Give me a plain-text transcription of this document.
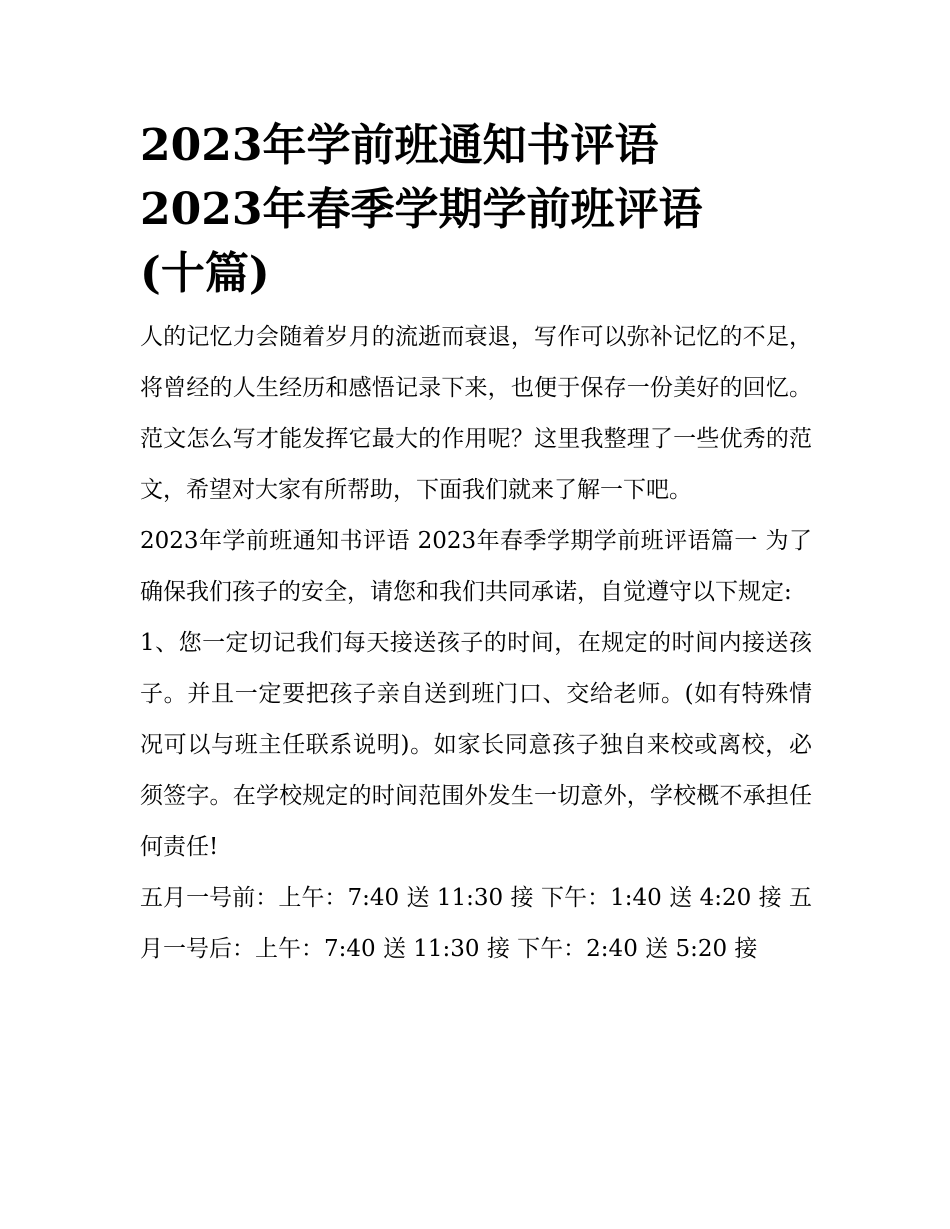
2023年学前班通知书评语
2023年春季学期学前班评语
(十篇)

人的记忆力会随着岁月的流逝而衰退，写作可以弥补记忆的不足，将曾经的人生经历和感悟记录下来，也便于保存一份美好的回忆。范文怎么写才能发挥它最大的作用呢？这里我整理了一些优秀的范文，希望对大家有所帮助，下面我们就来了解一下吧。

2023年学前班通知书评语 2023年春季学期学前班评语篇一 为了确保我们孩子的安全，请您和我们共同承诺，自觉遵守以下规定:

1、您一定切记我们每天接送孩子的时间，在规定的时间内接送孩子。并且一定要把孩子亲自送到班门口、交给老师。(如有特殊情况可以与班主任联系说明)。如家长同意孩子独自来校或离校，必须签字。在学校规定的时间范围外发生一切意外，学校概不承担任何责任!

五月一号前：上午：7:40 送 11:30 接 下午：1:40 送 4:20 接 五月一号后：上午：7:40 送 11:30 接 下午：2:40 送 5:20 接
